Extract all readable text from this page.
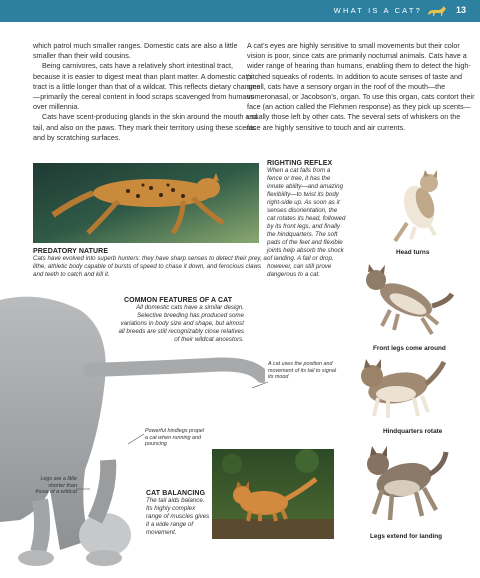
WHAT IS A CAT?	13

which patrol much smaller ranges. Domestic cats are also a little smaller than their wild cousins.

Being carnivores, cats have a relatively short intestinal tract, because it is easier to digest meat than plant matter. A domestic cat’s tract is a little longer than that of a wildcat. This reflects dietary changes—primarily the cereal content in food scraps scavenged from humans over millennia.

Cats have scent-producing glands in the skin around the mouth and tail, and also on the paws. They mark their territory using these scents and by scratching surfaces.

A cat’s eyes are highly sensitive to small movements but their color vision is poor, since cats are primarily nocturnal animals. Cats have a wider range of hearing than humans, enabling them to detect the high-pitched squeaks of rodents. In addition to acute senses of taste and smell, cats have a sensory organ in the roof of the mouth—the vomeronasal, or Jacobson’s, organ. To use this organ, cats contort their face (an action called the Flehmen response) as they pick up scents—usually those left by other cats. The several sets of whiskers on the face are highly sensitive to touch and air currents.

PREDATORY NATURE
Cats have evolved into superb hunters: they have sharp senses to detect their prey, a lithe, athletic body capable of bursts of speed to chase it down, and ferocious claws and teeth to catch and kill it.
RIGHTING REFLEX
When a cat falls from a fence or tree, it has the innate ability—and amazing flexibility—to twist its body right-side up. As soon as it senses disorientation, the cat rotates its head, followed by its front legs, and finally the hindquarters. The soft pads of the feet and flexible joints help absorb the shock of landing. A fall or drop, however, can still prove dangerous to a cat.
Head turns
Front legs come around
Hindquarters rotate
Legs extend for landing
COMMON FEATURES OF A CAT
All domestic cats have a similar design. Selective breeding has produced some variations in body size and shape, but almost all breeds are still recognizably close relatives of their wildcat ancestors.
A cat uses the position and movement of its tail to signal its mood
Powerful hindlegs propel a cat when running and pouncing
Legs are a little shorter than those of a wildcat	CAT BALANCING
The tail aids balance. Its highly complex range of muscles gives it a wide range of movement.
